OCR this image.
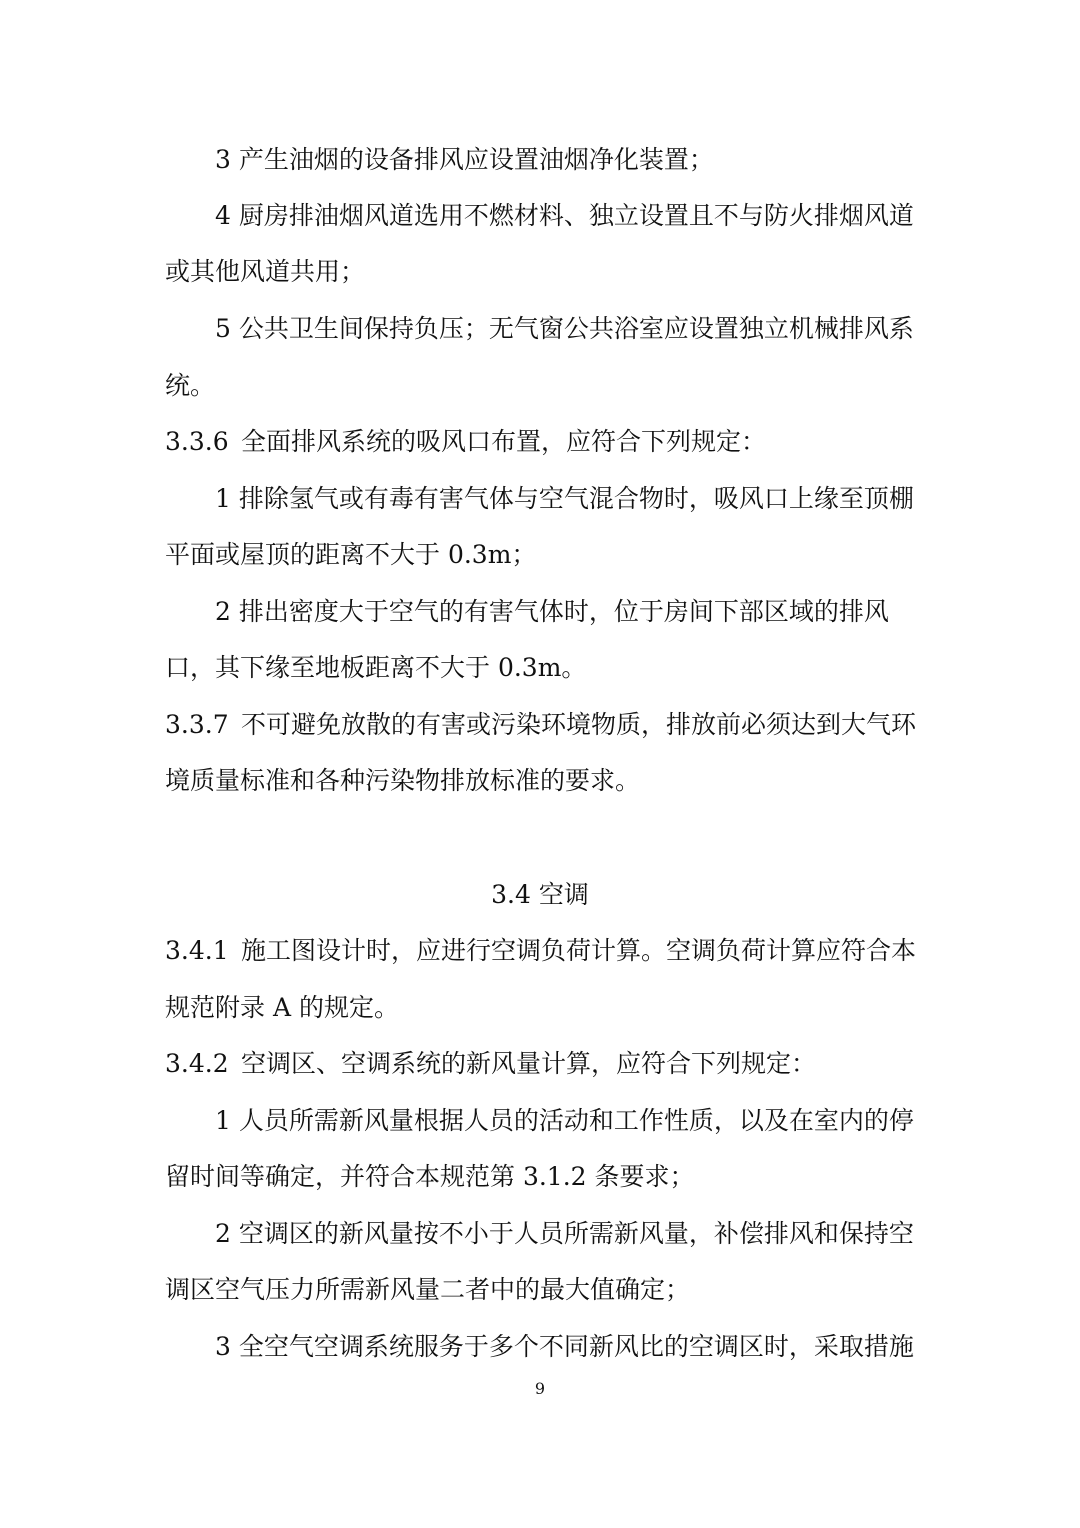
3 产生油烟的设备排风应设置油烟净化装置；
4 厨房排油烟风道选用不燃材料、独立设置且不与防火排烟风道
或其他风道共用；
5 公共卫生间保持负压；无气窗公共浴室应设置独立机械排风系
统。
3.3.6 全面排风系统的吸风口布置，应符合下列规定：
1 排除氢气或有毒有害气体与空气混合物时，吸风口上缘至顶棚
平面或屋顶的距离不大于 0.3m；
2 排出密度大于空气的有害气体时，位于房间下部区域的排风
口，其下缘至地板距离不大于 0.3m。
3.3.7 不可避免放散的有害或污染环境物质，排放前必须达到大气环
境质量标准和各种污染物排放标准的要求。
3.4 空调
3.4.1 施工图设计时，应进行空调负荷计算。空调负荷计算应符合本
规范附录 A 的规定。
3.4.2 空调区、空调系统的新风量计算，应符合下列规定：
1 人员所需新风量根据人员的活动和工作性质，以及在室内的停
留时间等确定，并符合本规范第 3.1.2 条要求；
2 空调区的新风量按不小于人员所需新风量，补偿排风和保持空
调区空气压力所需新风量二者中的最大值确定；
3 全空气空调系统服务于多个不同新风比的空调区时，采取措施
9
